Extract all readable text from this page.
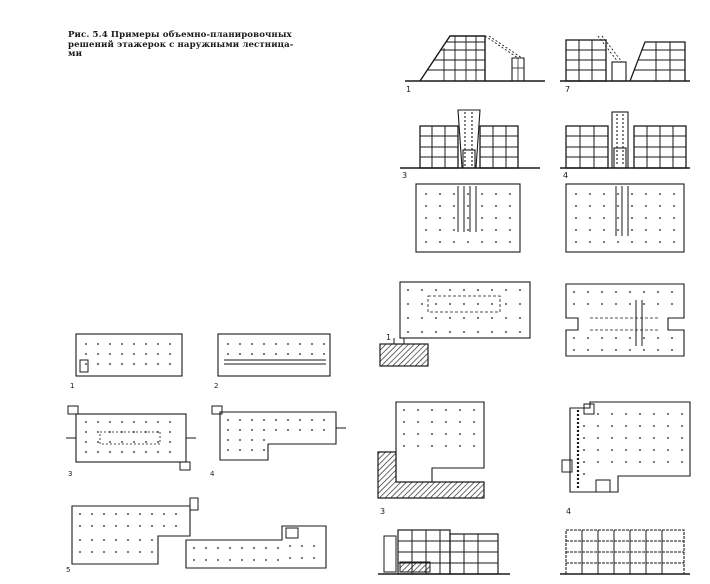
Рис. 5.4 Примеры объемно-планировочных
решений этажерок с наружными лестница-
ми
1	7
3	4
1
3	4
1	2
3	4
5
